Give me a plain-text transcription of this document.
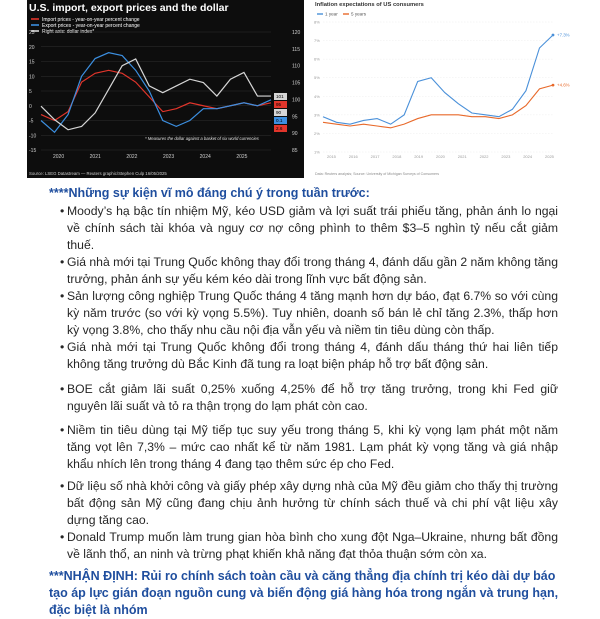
U.S. import, export prices and the dollar
Import prices - year-on-year percent change
Export prices - year-on-year percent change
Right axis: dollar index*
25
20
15
10
5
0
-5
-10
-15
120
115
110
105
100
95
90
85
2020	2021	2022	2023	2024	2025
101
95
90
0.1
2.6
* Measures the dollar against a basket of six world currencies
Source: LSEG Datastream — Reuters graphic/Stephen Culp 16/05/2025
Inflation expectations of US consumers
1 year	5 years
8%
7%
6%
5%
4%
3%
2%
1%
2015	2016	2017	2018	2019	2020	2021	2022	2023	2024	2025
+7.3%
+4.6%
Data: Reuters analysis; Source: University of Michigan Surveys of Consumers
****Những sự kiện vĩ mô đáng chú ý trong tuần trước:
• Moody’s hạ bậc tín nhiệm Mỹ, kéo USD giảm và lợi suất trái phiếu tăng, phản ánh lo ngại về chính sách tài khóa và nguy cơ nợ công phình to thêm $3–5 nghìn tỷ nếu cắt giảm thuế.
• Giá nhà mới tại Trung Quốc không thay đổi trong tháng 4, đánh dấu gần 2 năm không tăng trưởng, phản ánh sự yếu kém kéo dài trong lĩnh vực bất động sản.
• Sản lượng công nghiệp Trung Quốc tháng 4 tăng mạnh hơn dự báo, đạt 6.7% so với cùng kỳ năm trước (so với kỳ vọng 5.5%). Tuy nhiên, doanh số bán lẻ chỉ tăng 2.3%, thấp hơn kỳ vọng 3.8%, cho thấy nhu cầu nội địa vẫn yếu và niềm tin tiêu dùng còn thấp.
• Giá nhà mới tại Trung Quốc không đổi trong tháng 4, đánh dấu tháng thứ hai liên tiếp không tăng trưởng dù Bắc Kinh đã tung ra loạt biện pháp hỗ trợ bất động sản.
• BOE cắt giảm lãi suất 0,25% xuống 4,25% để hỗ trợ tăng trưởng, trong khi Fed giữ nguyên lãi suất và tỏ ra thận trọng do lạm phát còn cao.
• Niềm tin tiêu dùng tại Mỹ tiếp tục suy yếu trong tháng 5, khi kỳ vọng lạm phát một năm tăng vọt lên 7,3% – mức cao nhất kể từ năm 1981. Lạm phát kỳ vọng tăng và giá nhập khẩu nhích lên trong tháng 4 đang tạo thêm sức ép cho Fed.
• Dữ liệu số nhà khởi công và giấy phép xây dựng nhà của Mỹ đều giảm cho thấy thị trường bất động sản Mỹ cũng đang chịu ảnh hưởng từ chính sách thuế và chi phí vật liệu xây dựng tăng cao.
• Donald Trump muốn làm trung gian hòa bình cho xung đột Nga–Ukraine, nhưng bất đồng về lãnh thổ, an ninh và trừng phạt khiến khả năng đạt thỏa thuận sớm còn xa.
***NHẬN ĐỊNH: Rủi ro chính sách toàn cầu và căng thẳng địa chính trị kéo dài dự báo tạo áp lực gián đoạn nguồn cung và biến động giá hàng hóa trong ngắn và trung hạn, đặc biệt là nhóm
